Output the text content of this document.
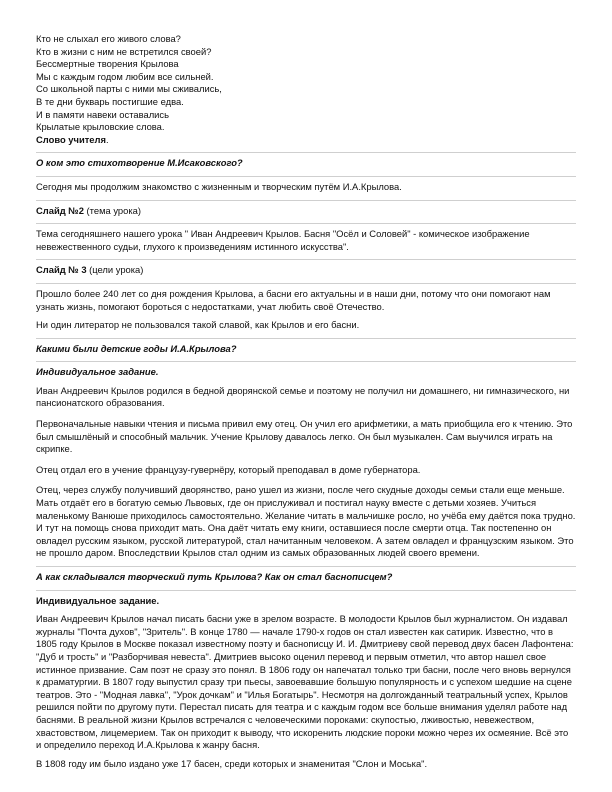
Кто не слыхал его живого слова?
Кто в жизни с ним не встретился своей?
Бессмертные творения Крылова
Мы с каждым годом любим все сильней.
Со школьной парты с ними мы сживались,
В те дни букварь постигшие едва.
И в памяти навеки оставались
Крылатые крыловские слова.
Слово учителя.
О ком это стихотворение М.Исаковского?
Сегодня мы продолжим знакомство с жизненным и творческим путём И.А.Крылова.
Слайд №2 (тема урока)
Тема сегодняшнего нашего урока " Иван Андреевич Крылов. Басня "Осёл и Соловей" - комическое изображение невежественного судьи, глухого к произведениям истинного искусства".
Слайд № 3 (цели урока)
Прошло более 240 лет со дня рождения Крылова, а басни его актуальны и в наши дни, потому что они помогают нам узнать жизнь, помогают бороться с недостатками, учат любить своё Отечество.
Ни один литератор не пользовался такой славой, как Крылов и его басни.
Какими были детские годы И.А.Крылова?
Индивидуальное задание.
Иван Андреевич Крылов родился в бедной дворянской семье и поэтому не получил ни домашнего, ни гимназического, ни пансионатского образования.
Первоначальные навыки чтения и письма привил ему отец. Он учил его арифметики, а мать приобщила его к чтению. Это был смышлёный и способный мальчик. Учение Крылову давалось легко. Он был музыкален. Сам выучился играть на скрипке.
Отец отдал его в учение французу-гувернёру, который преподавал в доме губернатора.
Отец, через службу получивший дворянство, рано ушел из жизни, после чего скудные доходы семьи стали еще меньше. Мать отдаёт его в богатую семью Львовых, где он прислуживал и постигал науку вместе с детьми хозяев. Учиться маленькому Ванюше приходилось самостоятельно. Желание читать в мальчишке росло, но учёба ему даётся пока трудно. И тут на помощь снова приходит мать. Она даёт читать ему книги, оставшиеся после смерти отца. Так постепенно он овладел русским языком, русской литературой, стал начитанным человеком. А затем овладел и французским языком. Это не прошло даром. Впоследствии Крылов стал одним из самых образованных людей своего времени.
А как складывался творческий путь Крылова? Как он стал баснописцем?
Индивидуальное задание.
Иван Андреевич Крылов начал писать басни уже в зрелом возрасте. В молодости Крылов был журналистом. Он издавал журналы "Почта духов", "Зритель". В конце 1780 — начале 1790-х годов он стал известен как сатирик. Известно, что в 1805 году Крылов в Москве показал известному поэту и баснописцу И. И. Дмитриеву свой перевод двух басен Лафонтена: "Дуб и трость" и "Разборчивая невеста". Дмитриев высоко оценил перевод и первым отметил, что автор нашел свое истинное призвание. Сам поэт не сразу это понял. В 1806 году он напечатал только три басни, после чего вновь вернулся к драматургии. В 1807 году выпустил сразу три пьесы, завоевавшие большую популярность и с успехом шедшие на сцене театров. Это - "Модная лавка", "Урок дочкам" и "Илья Богатырь". Несмотря на долгожданный театральный успех, Крылов решился пойти по другому пути. Перестал писать для театра и с каждым годом все больше внимания уделял работе над баснями. В реальной жизни Крылов встречался с человеческими пороками: скупостью, лживостью, невежеством, хвастовством, лицемерием. Так он приходит к выводу, что искоренить людские пороки можно через их осмеяние. Всё это и определило переход И.А.Крылова к жанру басня.
В 1808 году им было издано уже 17 басен, среди которых и знаменитая "Слон и Моська".
